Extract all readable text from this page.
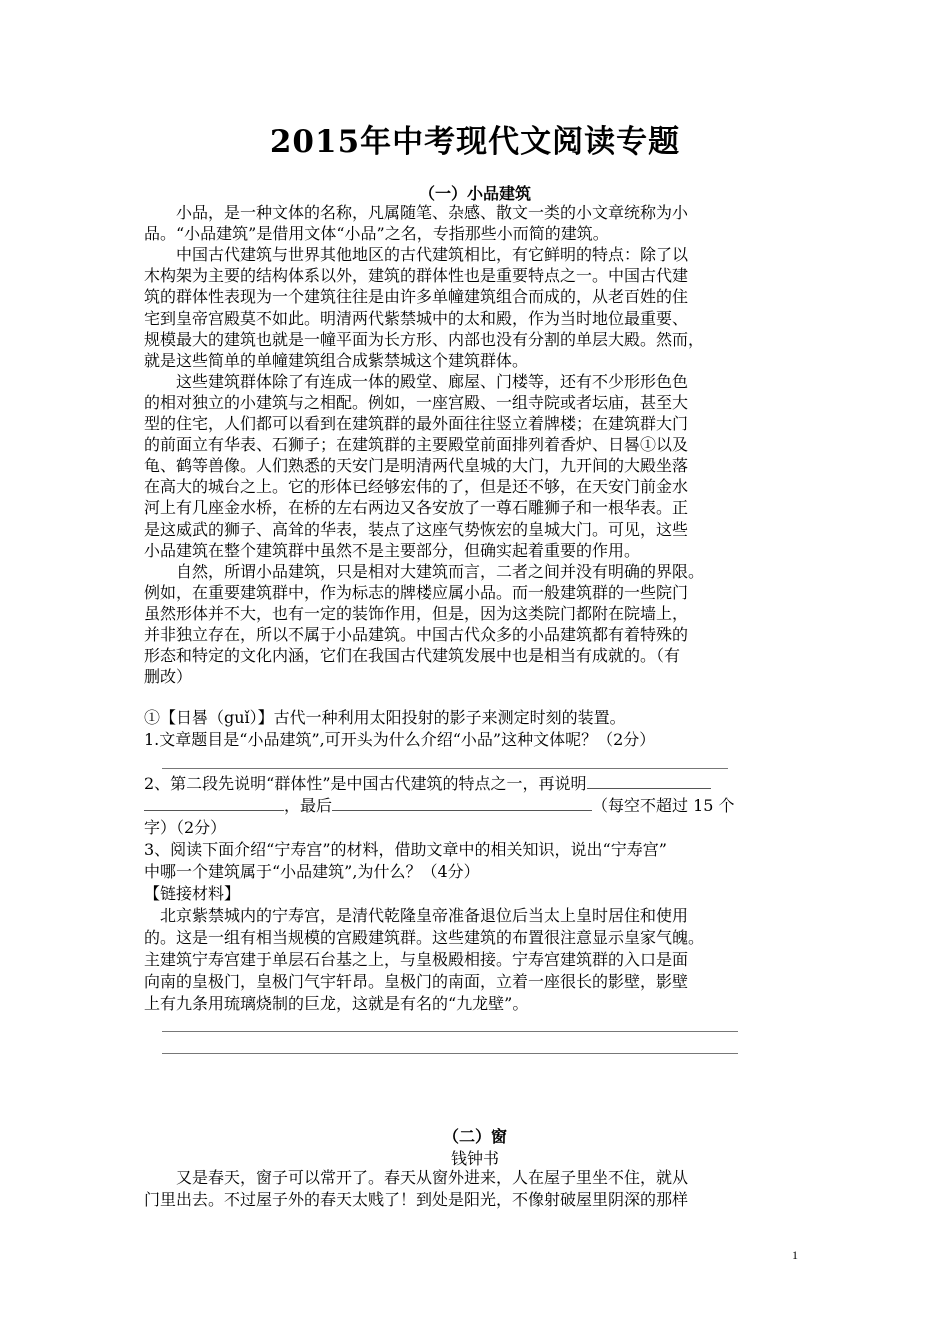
2015年中考现代文阅读专题
（一）小品建筑
　　小品，是一种文体的名称，凡属随笔、杂感、散文一类的小文章统称为小
品。“小品建筑”是借用文体“小品”之名，专指那些小而简的建筑。
　　中国古代建筑与世界其他地区的古代建筑相比，有它鲜明的特点：除了以
木构架为主要的结构体系以外，建筑的群体性也是重要特点之一。中国古代建
筑的群体性表现为一个建筑往往是由许多单幢建筑组合而成的，从老百姓的住
宅到皇帝宫殿莫不如此。明清两代紫禁城中的太和殿，作为当时地位最重要、
规模最大的建筑也就是一幢平面为长方形、内部也没有分割的单层大殿。然而，
就是这些简单的单幢建筑组合成紫禁城这个建筑群体。
　　这些建筑群体除了有连成一体的殿堂、廊屋、门楼等，还有不少形形色色
的相对独立的小建筑与之相配。例如，一座宫殿、一组寺院或者坛庙，甚至大
型的住宅，人们都可以看到在建筑群的最外面往往竖立着牌楼；在建筑群大门
的前面立有华表、石狮子；在建筑群的主要殿堂前面排列着香炉、日晷①以及
龟、鹤等兽像。人们熟悉的天安门是明清两代皇城的大门，九开间的大殿坐落
在高大的城台之上。它的形体已经够宏伟的了，但是还不够，在天安门前金水
河上有几座金水桥，在桥的左右两边又各安放了一尊石雕狮子和一根华表。正
是这威武的狮子、高耸的华表，装点了这座气势恢宏的皇城大门。可见，这些
小品建筑在整个建筑群中虽然不是主要部分，但确实起着重要的作用。
　　自然，所谓小品建筑，只是相对大建筑而言，二者之间并没有明确的界限。
例如，在重要建筑群中，作为标志的牌楼应属小品。而一般建筑群的一些院门
虽然形体并不大，也有一定的装饰作用，但是，因为这类院门都附在院墙上，
并非独立存在，所以不属于小品建筑。中国古代众多的小品建筑都有着特殊的
形态和特定的文化内涵，它们在我国古代建筑发展中也是相当有成就的。（有
删改）
①【日晷（guǐ）】古代一种利用太阳投射的影子来测定时刻的装置。
1.文章题目是“小品建筑”,可开头为什么介绍“小品”这种文体呢？（2分）
2、第二段先说明“群体性”是中国古代建筑的特点之一，再说明
，最后	（每空不超过 15 个
字）（2分）
3、阅读下面介绍“宁寿宫”的材料，借助文章中的相关知识，说出“宁寿宫”
中哪一个建筑属于“小品建筑”,为什么？（4分）
【链接材料】
　北京紫禁城内的宁寿宫，是清代乾隆皇帝准备退位后当太上皇时居住和使用
的。这是一组有相当规模的宫殿建筑群。这些建筑的布置很注意显示皇家气魄。
主建筑宁寿宫建于单层石台基之上，与皇极殿相接。宁寿宫建筑群的入口是面
向南的皇极门，皇极门气宇轩昂。皇极门的南面，立着一座很长的影壁，影壁
上有九条用琉璃烧制的巨龙，这就是有名的“九龙壁”。
（二）窗
钱钟书
　　又是春天，窗子可以常开了。春天从窗外进来，人在屋子里坐不住，就从
门里出去。不过屋子外的春天太贱了！到处是阳光，不像射破屋里阴深的那样
1
